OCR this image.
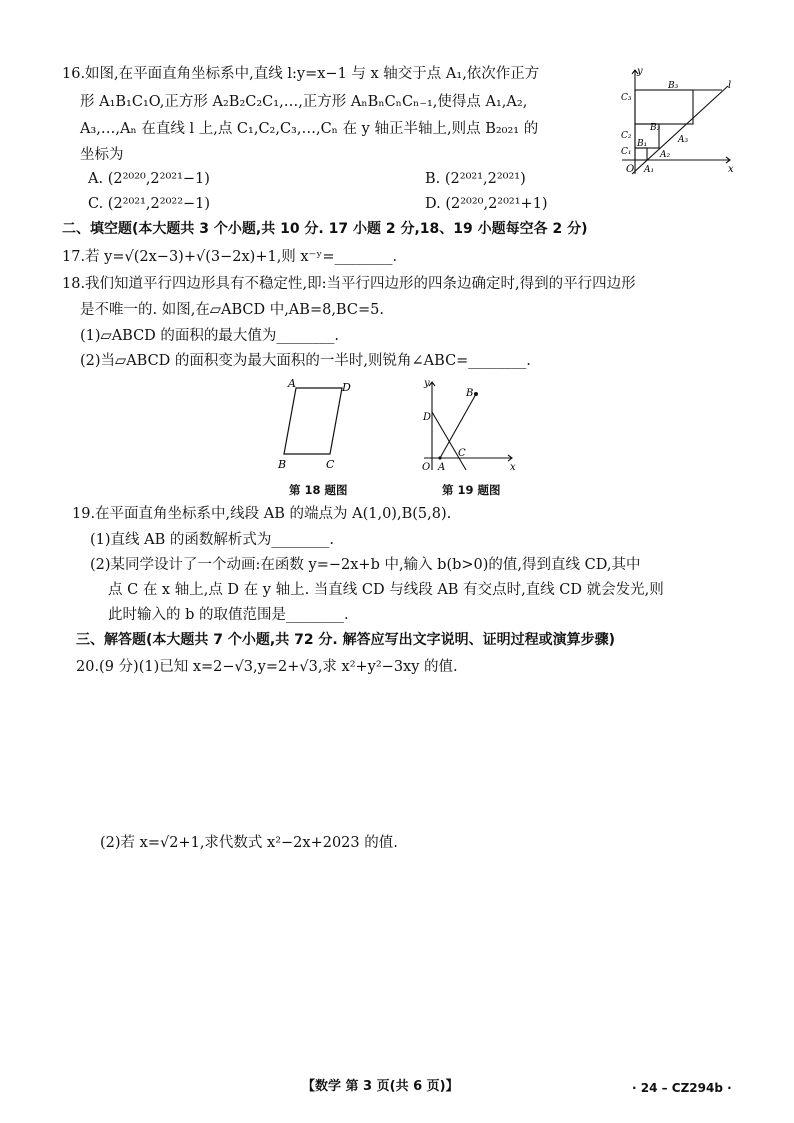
16.如图,在平面直角坐标系中,直线 l:y=x−1 与 x 轴交于点 A₁,依次作正方
形 A₁B₁C₁O,正方形 A₂B₂C₂C₁,…,正方形 AₙBₙCₙCₙ₋₁,使得点 A₁,A₂,
A₃,…,Aₙ 在直线 l 上,点 C₁,C₂,C₃,…,Cₙ 在 y 轴正半轴上,则点 B₂₀₂₁ 的
坐标为
A. (2²⁰²⁰,2²⁰²¹−1)	B. (2²⁰²¹,2²⁰²¹)
C. (2²⁰²¹,2²⁰²²−1)	D. (2²⁰²⁰,2²⁰²¹+1)
y
x
O
l
A₁
A₂
A₃
B₁
B₂
B₃
C₁
C₂
C₃
二、填空题(本大题共 3 个小题,共 10 分. 17 小题 2 分,18、19 小题每空各 2 分)
17.若 y=√(2x−3)+√(3−2x)+1,则 x⁻ʸ=________.
18.我们知道平行四边形具有不稳定性,即:当平行四边形的四条边确定时,得到的平行四边形
是不唯一的. 如图,在▱ABCD 中,AB=8,BC=5.
(1)▱ABCD 的面积的最大值为________.
(2)当▱ABCD 的面积变为最大面积的一半时,则锐角∠ABC=________.
A	D
B	C
第 18 题图
y
x
O A
B
C
D
第 19 题图
19.在平面直角坐标系中,线段 AB 的端点为 A(1,0),B(5,8).
(1)直线 AB 的函数解析式为________.
(2)某同学设计了一个动画:在函数 y=−2x+b 中,输入 b(b>0)的值,得到直线 CD,其中
点 C 在 x 轴上,点 D 在 y 轴上. 当直线 CD 与线段 AB 有交点时,直线 CD 就会发光,则
此时输入的 b 的取值范围是________.
三、解答题(本大题共 7 个小题,共 72 分. 解答应写出文字说明、证明过程或演算步骤)
20.(9 分)(1)已知 x=2−√3,y=2+√3,求 x²+y²−3xy 的值.
(2)若 x=√2+1,求代数式 x²−2x+2023 的值.
【数学 第 3 页(共 6 页)】	· 24 – CZ294b ·
